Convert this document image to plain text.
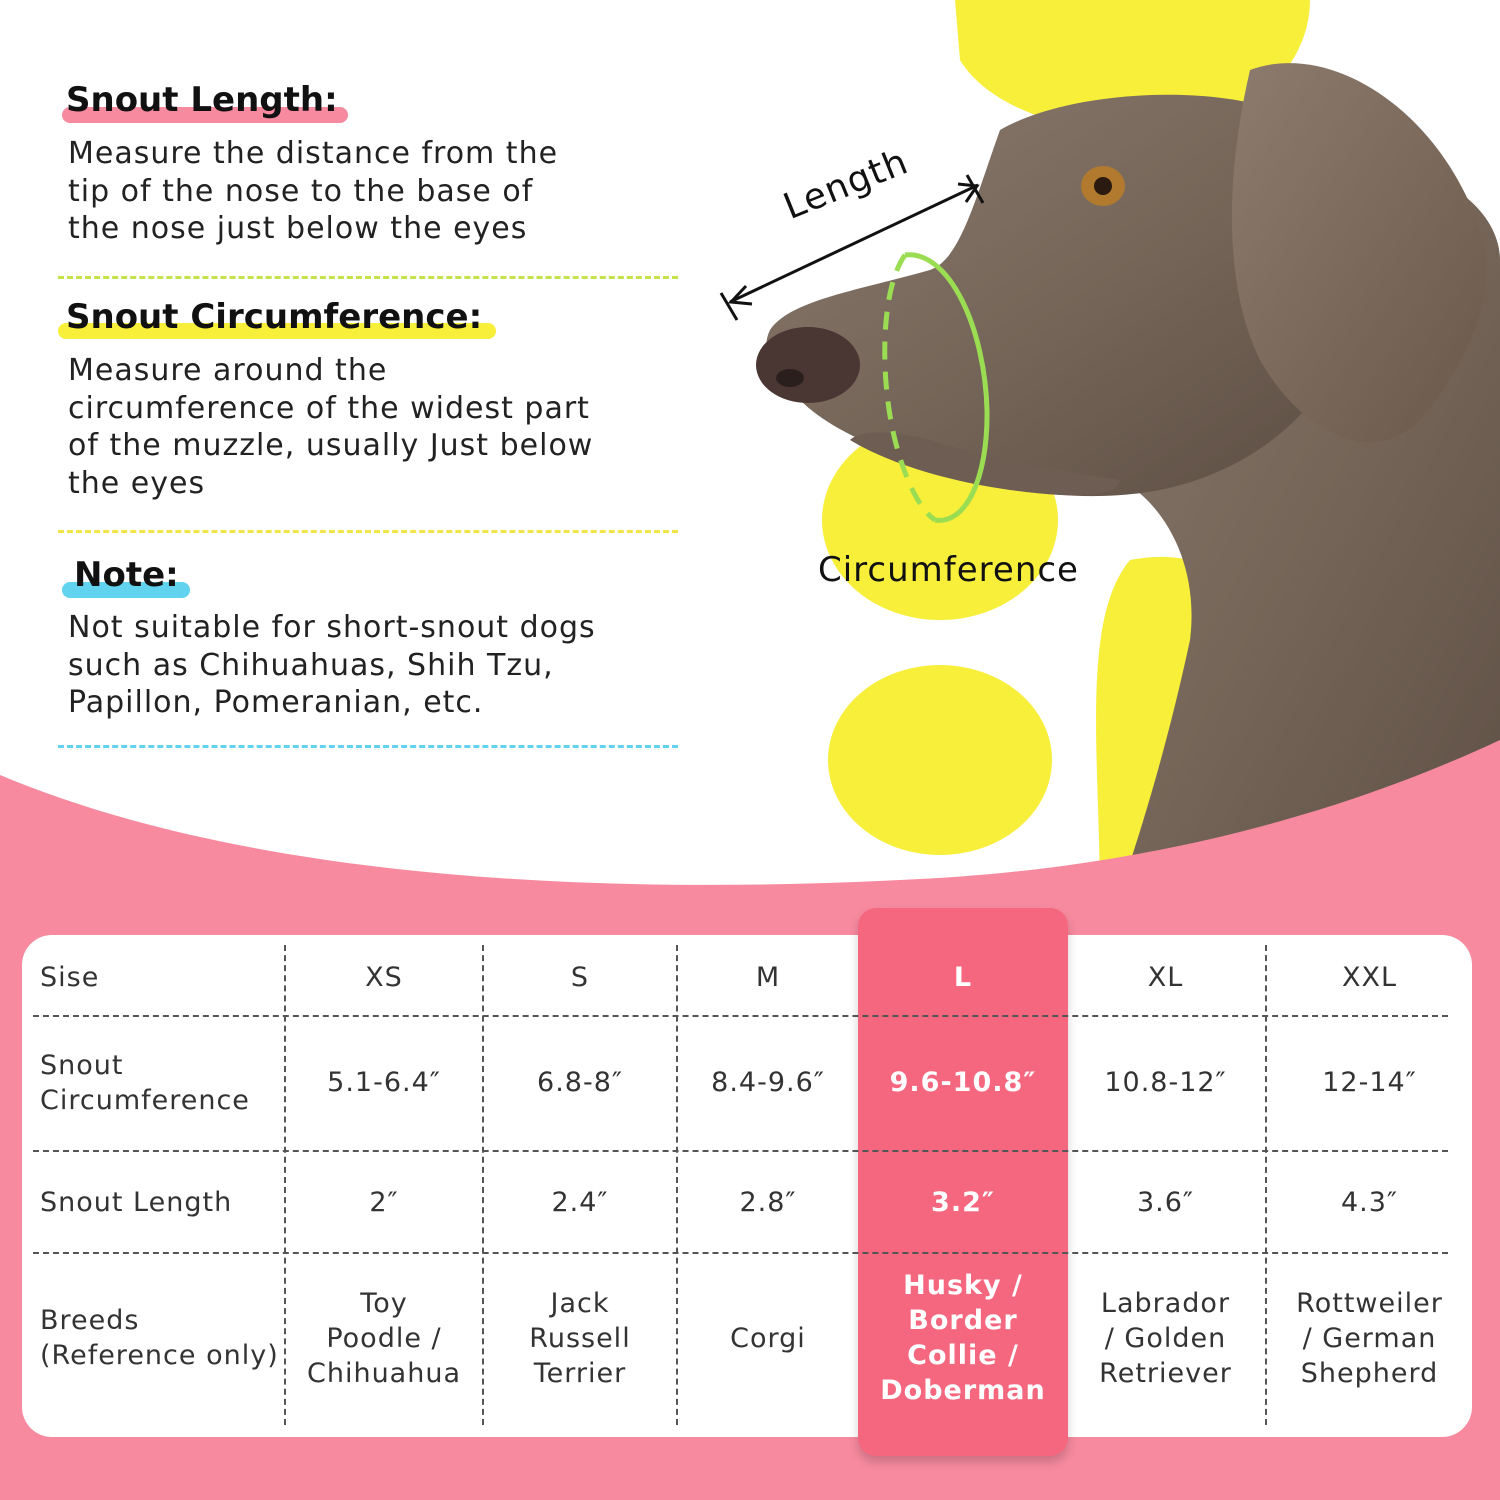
Snout Length:
Measure the distance from the
tip of the nose to the base of
the nose just below the eyes
Snout Circumference:
Measure around the
circumference of the widest part
of the muzzle, usually Just below
the eyes
Note:
Not suitable for short-snout dogs
such as Chihuahuas, Shih Tzu,
Papillon, Pomeranian, etc.
Length
Circumference
Sise
Snout
Circumference
Snout Length
Breeds
(Reference only)
XS
5.1-6.4″
2″
Toy
Poodle /
Chihuahua
S
6.8-8″
2.4″
Jack
Russell
Terrier
M
8.4-9.6″
2.8″
Corgi
L
9.6-10.8″
3.2″
Husky /
Border
Collie /
Doberman
XL
10.8-12″
3.6″
Labrador
/ Golden
Retriever
XXL
12-14″
4.3″
Rottweiler
/ German
Shepherd
